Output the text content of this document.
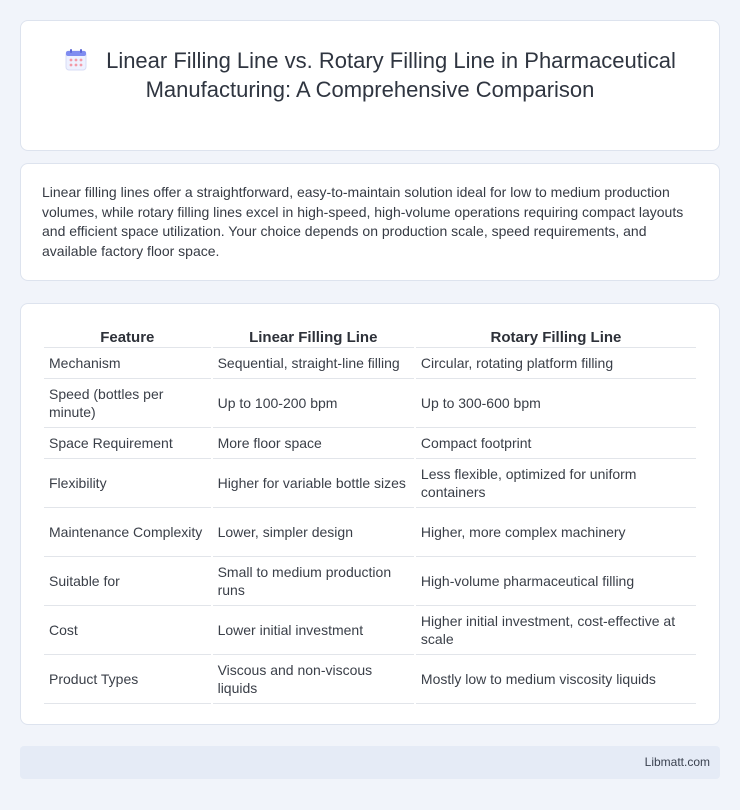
Linear Filling Line vs. Rotary Filling Line in Pharmaceutical Manufacturing: A Comprehensive Comparison

Linear filling lines offer a straightforward, easy-to-maintain solution ideal for low to medium production volumes, while rotary filling lines excel in high-speed, high-volume operations requiring compact layouts and efficient space utilization. Your choice depends on production scale, speed requirements, and available factory floor space.

Feature	Linear Filling Line	Rotary Filling Line
Mechanism	Sequential, straight-line filling	Circular, rotating platform filling
Speed (bottles per minute)	Up to 100-200 bpm	Up to 300-600 bpm
Space Requirement	More floor space	Compact footprint
Flexibility	Higher for variable bottle sizes	Less flexible, optimized for uniform containers
Maintenance Complexity	Lower, simpler design	Higher, more complex machinery
Suitable for	Small to medium production runs	High-volume pharmaceutical filling
Cost	Lower initial investment	Higher initial investment, cost-effective at scale
Product Types	Viscous and non-viscous liquids	Mostly low to medium viscosity liquids
Libmatt.com
